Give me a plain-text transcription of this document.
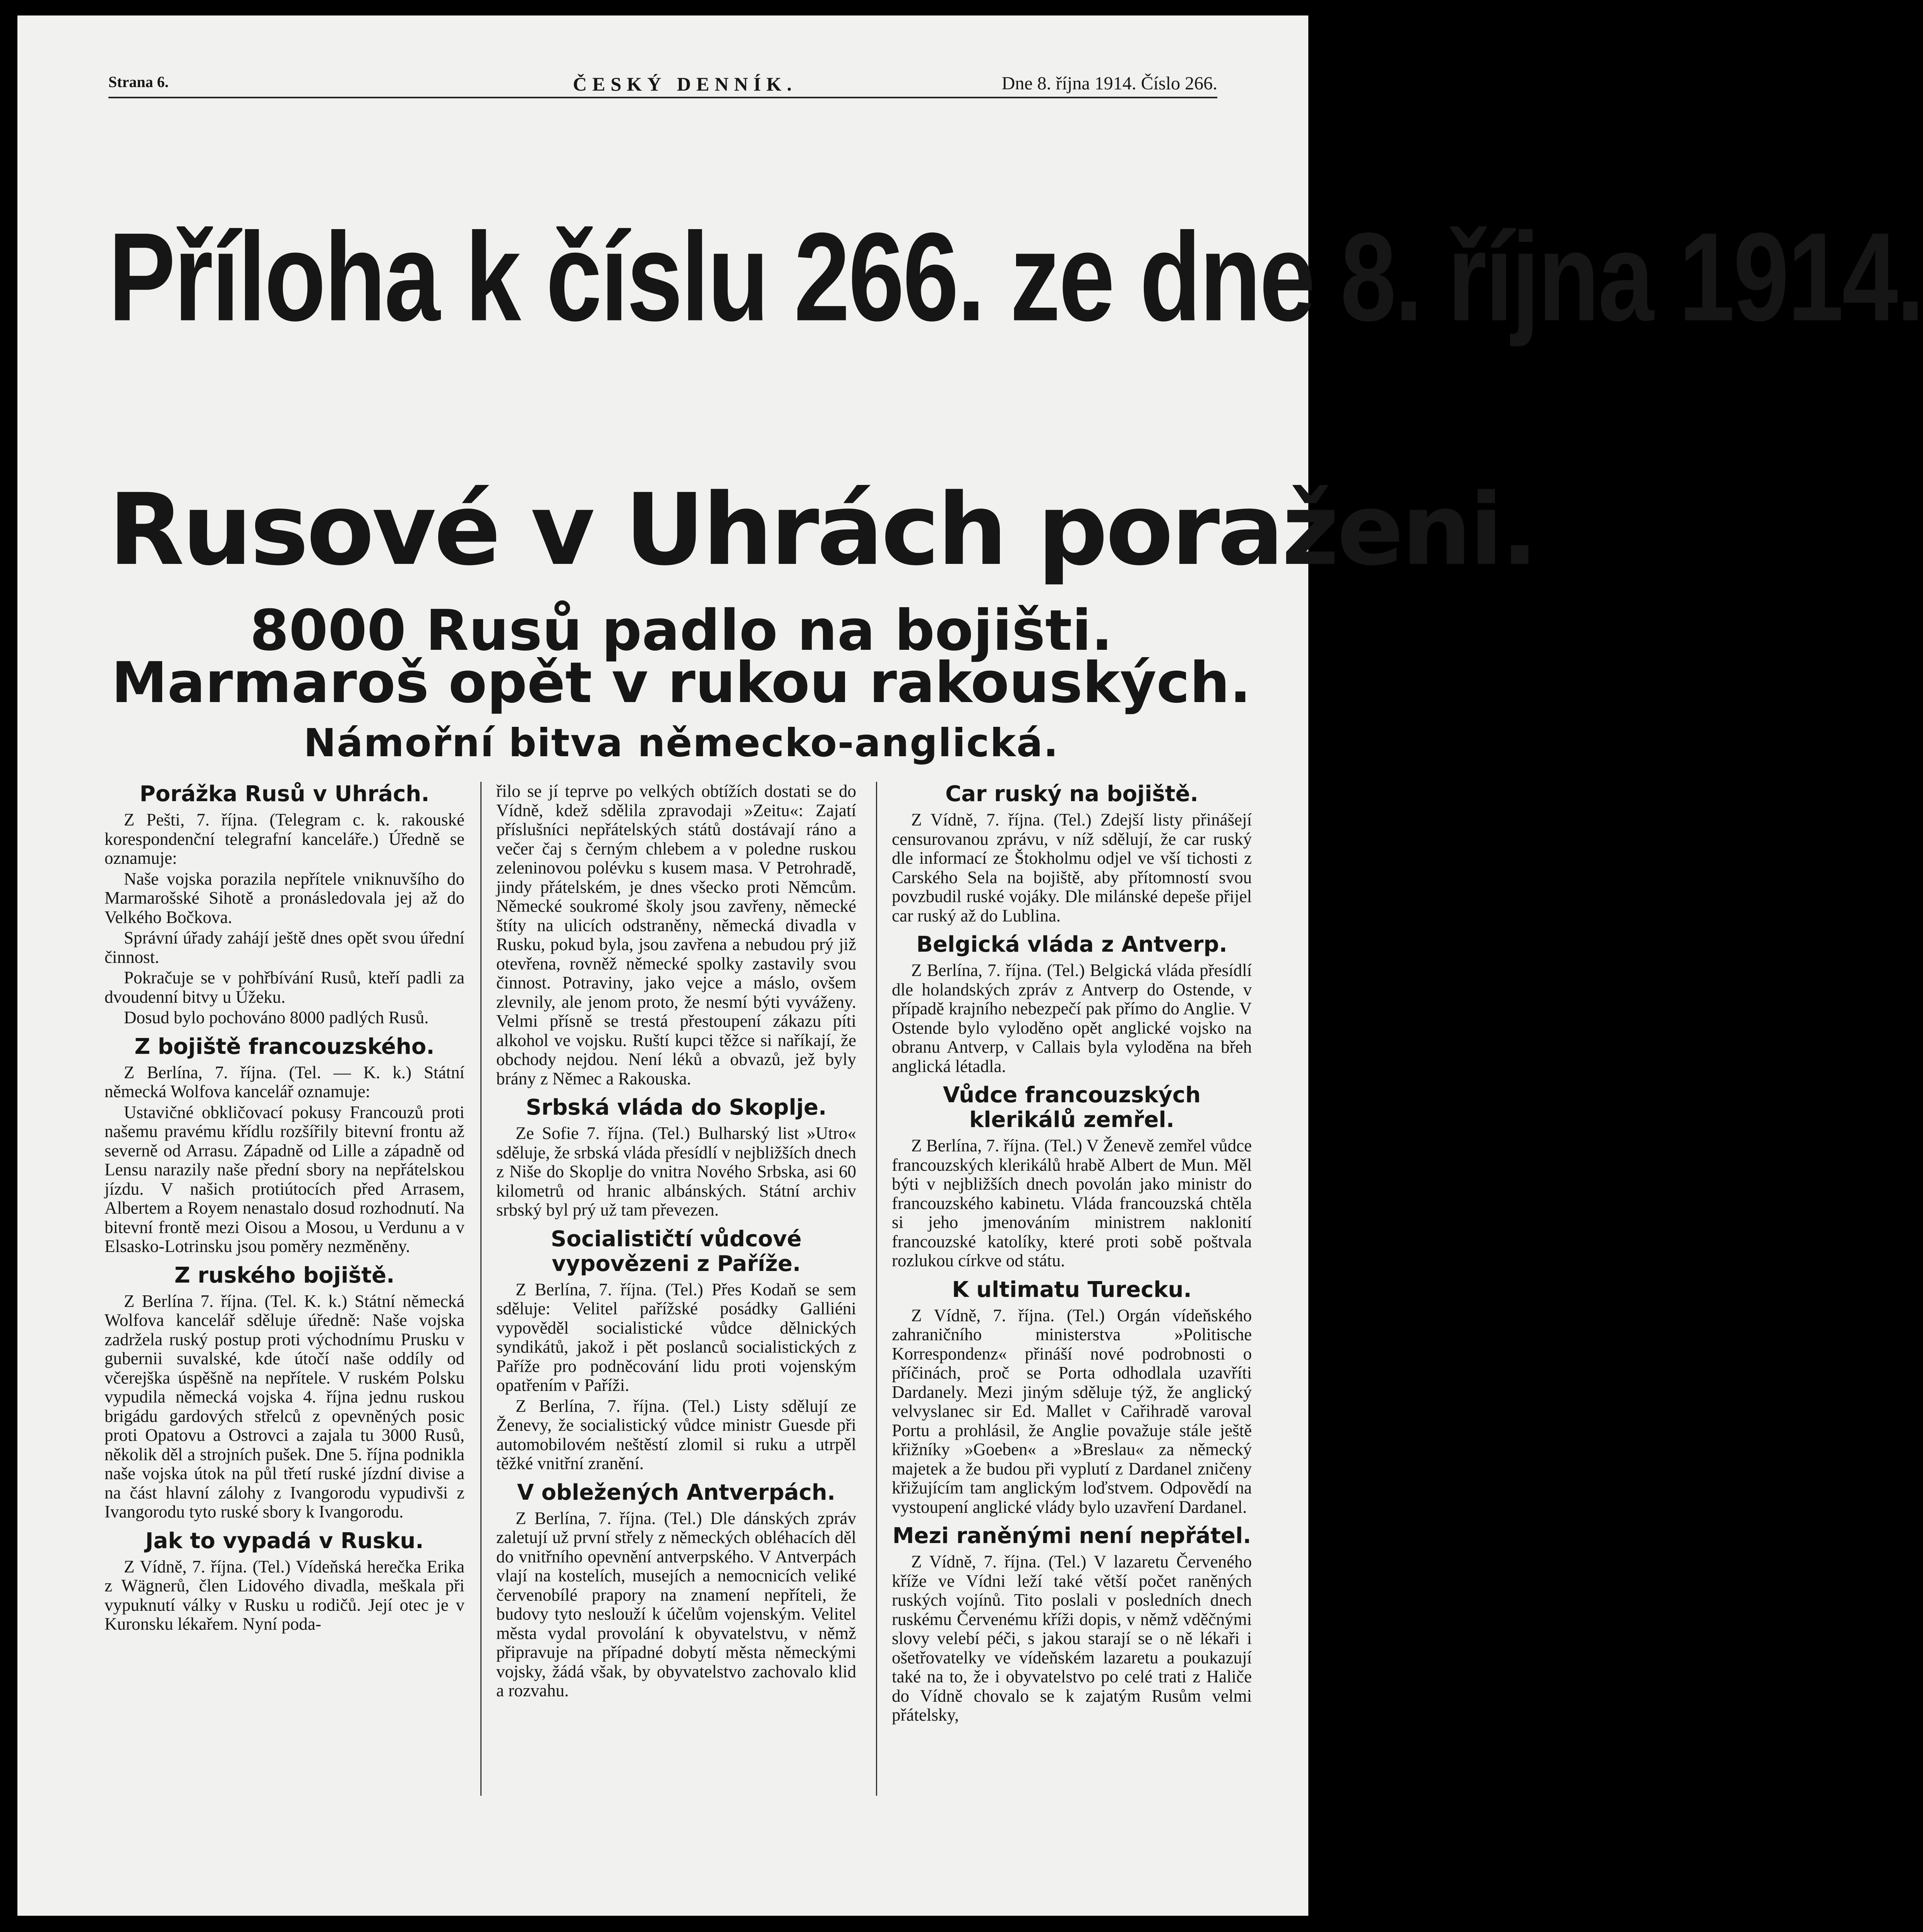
Strana 6.	ČESKÝ DENNÍK.	Dne 8. října 1914. Číslo 266.
Příloha k číslu 266. ze dne 8. října 1914.
Rusové v Uhrách poraženi.
8000 Rusů padlo na bojišti.
Marmaroš opět v rukou rakouských.
Námořní bitva německo-anglická.
Porážka Rusů v Uhrách.

Z Pešti, 7. října. (Telegram c. k. rakouské korespondenční telegrafní kanceláře.) Úředně se oznamuje:

Naše vojska porazila nepřítele vniknuvšího do Marmarošské Sihotě a pronásledovala jej až do Velkého Bočkova.

Správní úřady zahájí ještě dnes opět svou úřední činnost.

Pokračuje se v pohřbívání Rusů, kteří padli za dvoudenní bitvy u Úžeku.

Dosud bylo pochováno 8000 padlých Rusů.

Z bojiště francouzského.

Z Berlína, 7. října. (Tel. — K. k.) Státní německá Wolfova kancelář oznamuje:

Ustavičné obkličovací pokusy Francouzů proti našemu pravému křídlu rozšířily bitevní frontu až severně od Arrasu. Západně od Lille a západně od Lensu narazily naše přední sbory na nepřátelskou jízdu. V našich protiútocích před Arrasem, Albertem a Royem nenastalo dosud rozhodnutí. Na bitevní frontě mezi Oisou a Mosou, u Verdunu a v Elsasko-Lotrinsku jsou poměry nezměněny.

Z ruského bojiště.

Z Berlína 7. října. (Tel. K. k.) Státní německá Wolfova kancelář sděluje úředně: Naše vojska zadržela ruský postup proti východnímu Prusku v gubernii suvalské, kde útočí naše oddíly od včerejška úspěšně na nepřítele. V ruském Polsku vypudila německá vojska 4. října jednu ruskou brigádu gardových střelců z opevněných posic proti Opatovu a Ostrovci a zajala tu 3000 Rusů, několik děl a strojních pušek. Dne 5. října podnikla naše vojska útok na půl třetí ruské jízdní divise a na část hlavní zálohy z Ivangorodu vypudivši z Ivangorodu tyto ruské sbory k Ivangorodu.

Jak to vypadá v Rusku.

Z Vídně, 7. října. (Tel.) Vídeňská herečka Erika z Wägnerů, člen Lidového divadla, meškala při vypuknutí války v Rusku u rodičů. Její otec je v Kuronsku lékařem. Nyní poda-

řilo se jí teprve po velkých obtížích dostati se do Vídně, kdež sdělila zpravodaji »Zeitu«: Zajatí příslušníci nepřátelských států dostávají ráno a večer čaj s černým chlebem a v poledne ruskou zeleninovou polévku s kusem masa. V Petrohradě, jindy přátelském, je dnes všecko proti Němcům. Německé soukromé školy jsou zavřeny, německé štíty na ulicích odstraněny, německá divadla v Rusku, pokud byla, jsou zavřena a nebudou prý již otevřena, rovněž německé spolky zastavily svou činnost. Potraviny, jako vejce a máslo, ovšem zlevnily, ale jenom proto, že nesmí býti vyváženy. Velmi přísně se trestá přestoupení zákazu píti alkohol ve vojsku. Ruští kupci těžce si naříkají, že obchody nejdou. Není léků a obvazů, jež byly brány z Němec a Rakouska.

Srbská vláda do Skoplje.

Ze Sofie 7. října. (Tel.) Bulharský list »Utro« sděluje, že srbská vláda přesídlí v nejbližších dnech z Niše do Skoplje do vnitra Nového Srbska, asi 60 kilometrů od hranic albánských. Státní archiv srbský byl prý už tam převezen.

Socialističtí vůdcové vypovězeni z Paříže.

Z Berlína, 7. října. (Tel.) Přes Kodaň se sem sděluje: Velitel pařížské posádky Galliéni vypověděl socialistické vůdce dělnických syndikátů, jakož i pět poslanců socialistických z Paříže pro podněcování lidu proti vojenským opatřením v Paříži.

Z Berlína, 7. října. (Tel.) Listy sdělují ze Ženevy, že socialistický vůdce ministr Guesde při automobilovém neštěstí zlomil si ruku a utrpěl těžké vnitřní zranění.

V obležených Antverpách.

Z Berlína, 7. října. (Tel.) Dle dánských zpráv zaletují už první střely z německých obléhacích děl do vnitřního opevnění antverpského. V Antverpách vlají na kostelích, musejích a nemocnicích veliké červenobílé prapory na znamení nepříteli, že budovy tyto neslouží k účelům vojenským. Velitel města vydal provolání k obyvatelstvu, v němž připravuje na případné dobytí města německými vojsky, žádá však, by obyvatelstvo zachovalo klid a rozvahu.

Car ruský na bojiště.

Z Vídně, 7. října. (Tel.) Zdejší listy přinášejí censurovanou zprávu, v níž sdělují, že car ruský dle informací ze Štokholmu odjel ve vší tichosti z Carského Sela na bojiště, aby přítomností svou povzbudil ruské vojáky. Dle milánské depeše přijel car ruský až do Lublina.

Belgická vláda z Antverp.

Z Berlína, 7. října. (Tel.) Belgická vláda přesídlí dle holandských zpráv z Antverp do Ostende, v případě krajního nebezpečí pak přímo do Anglie. V Ostende bylo vyloděno opět anglické vojsko na obranu Antverp, v Callais byla vyloděna na břeh anglická létadla.

Vůdce francouzských klerikálů zemřel.

Z Berlína, 7. října. (Tel.) V Ženevě zemřel vůdce francouzských klerikálů hrabě Albert de Mun. Měl býti v nejbližších dnech povolán jako ministr do francouzského kabinetu. Vláda francouzská chtěla si jeho jmenováním ministrem naklonití francouzské katolíky, které proti sobě poštvala rozlukou církve od státu.

K ultimatu Turecku.

Z Vídně, 7. října. (Tel.) Orgán vídeňského zahraničního ministerstva »Politische Korrespondenz« přináší nové podrobnosti o příčinách, proč se Porta odhodlala uzavříti Dardanely. Mezi jiným sděluje týž, že anglický velvyslanec sir Ed. Mallet v Cařihradě varoval Portu a prohlásil, že Anglie považuje stále ještě křižníky »Goeben« a »Breslau« za německý majetek a že budou při vyplutí z Dardanel zničeny křižujícím tam anglickým loďstvem. Odpovědí na vystoupení anglické vlády bylo uzavření Dardanel.

Mezi raněnými není nepřátel.

Z Vídně, 7. října. (Tel.) V lazaretu Červeného kříže ve Vídni leží také větší počet raněných ruských vojínů. Tito poslali v posledních dnech ruskému Červenému kříži dopis, v němž vděčnými slovy velebí péči, s jakou starají se o ně lékaři i ošetřovatelky ve vídeňském lazaretu a poukazují také na to, že i obyvatelstvo po celé trati z Haliče do Vídně chovalo se k zajatým Rusům velmi přátelsky,
